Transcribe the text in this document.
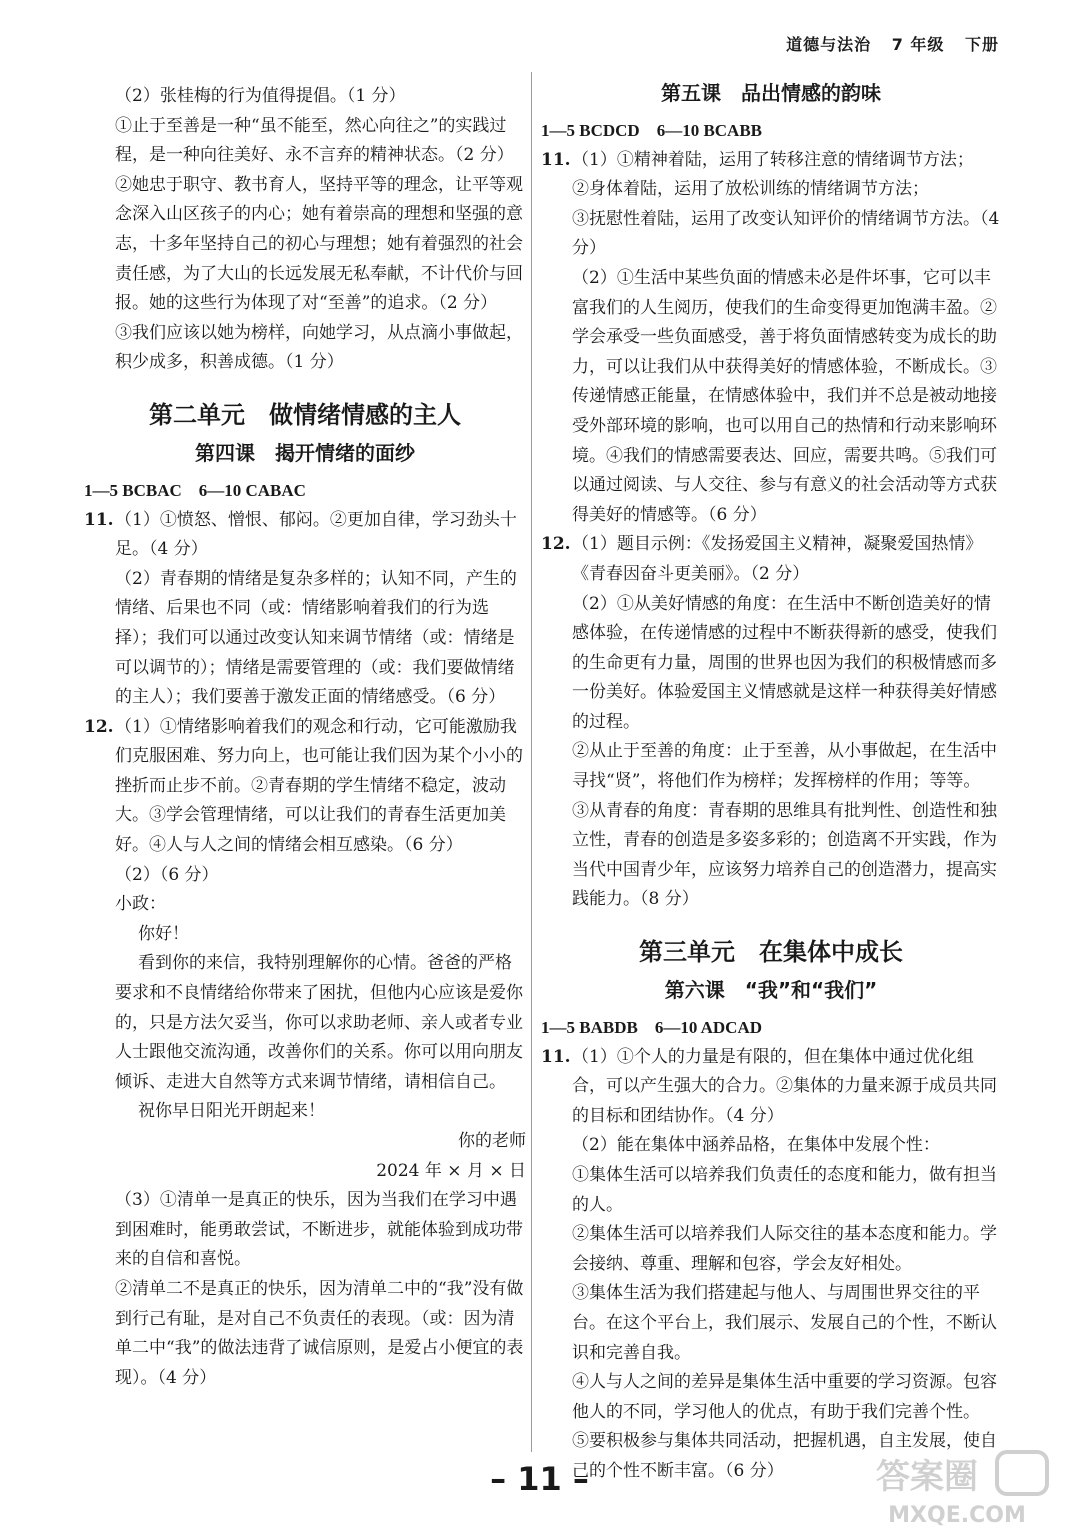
道德与法治 7 年级 下册

（2）张桂梅的行为值得提倡。（1 分）

①止于至善是一种“虽不能至，然心向往之”的实践过程，是一种向往美好、永不言弃的精神状态。（2 分）

②她忠于职守、教书育人，坚持平等的理念，让平等观念深入山区孩子的内心；她有着崇高的理想和坚强的意志，十多年坚持自己的初心与理想；她有着强烈的社会责任感，为了大山的长远发展无私奉献，不计代价与回报。她的这些行为体现了对“至善”的追求。（2 分）

③我们应该以她为榜样，向她学习，从点滴小事做起，积少成多，积善成德。（1 分）

第二单元　做情绪情感的主人
第四课　揭开情绪的面纱

1—5 BCBAC　6—10 CABAC

11. （1）①愤怒、憎恨、郁闷。②更加自律，学习劲头十足。（4 分）

（2）青春期的情绪是复杂多样的；认知不同，产生的情绪、后果也不同（或：情绪影响着我们的行为选择）；我们可以通过改变认知来调节情绪（或：情绪是可以调节的）；情绪是需要管理的（或：我们要做情绪的主人）；我们要善于激发正面的情绪感受。（6 分）

12. （1）①情绪影响着我们的观念和行动，它可能激励我们克服困难、努力向上，也可能让我们因为某个小小的挫折而止步不前。②青春期的学生情绪不稳定，波动大。③学会管理情绪，可以让我们的青春生活更加美好。④人与人之间的情绪会相互感染。（6 分）

（2）（6 分）

小政：

你好！

看到你的来信，我特别理解你的心情。爸爸的严格要求和不良情绪给你带来了困扰，但他内心应该是爱你的，只是方法欠妥当，你可以求助老师、亲人或者专业人士跟他交流沟通，改善你们的关系。你可以用向朋友倾诉、走进大自然等方式来调节情绪，请相信自己。

祝你早日阳光开朗起来！

你的老师

2024 年 × 月 × 日

（3）①清单一是真正的快乐，因为当我们在学习中遇到困难时，能勇敢尝试，不断进步，就能体验到成功带来的自信和喜悦。

②清单二不是真正的快乐，因为清单二中的“我”没有做到行己有耻，是对自己不负责任的表现。（或：因为清单二中“我”的做法违背了诚信原则，是爱占小便宜的表现）。（4 分）

第五课　品出情感的韵味

1—5 BCDCD　6—10 BCABB

11. （1）①精神着陆，运用了转移注意的情绪调节方法；

②身体着陆，运用了放松训练的情绪调节方法；

③抚慰性着陆，运用了改变认知评价的情绪调节方法。（4 分）

（2）①生活中某些负面的情感未必是件坏事，它可以丰富我们的人生阅历，使我们的生命变得更加饱满丰盈。②学会承受一些负面感受，善于将负面情感转变为成长的助力，可以让我们从中获得美好的情感体验，不断成长。③传递情感正能量，在情感体验中，我们并不总是被动地接受外部环境的影响，也可以用自己的热情和行动来影响环境。④我们的情感需要表达、回应，需要共鸣。⑤我们可以通过阅读、与人交往、参与有意义的社会活动等方式获得美好的情感等。（6 分）

12. （1）题目示例：《发扬爱国主义精神，凝聚爱国热情》《青春因奋斗更美丽》。（2 分）

（2）①从美好情感的角度：在生活中不断创造美好的情感体验，在传递情感的过程中不断获得新的感受，使我们的生命更有力量，周围的世界也因为我们的积极情感而多一份美好。体验爱国主义情感就是这样一种获得美好情感的过程。

②从止于至善的角度：止于至善，从小事做起，在生活中寻找“贤”，将他们作为榜样；发挥榜样的作用；等等。

③从青春的角度：青春期的思维具有批判性、创造性和独立性，青春的创造是多姿多彩的；创造离不开实践，作为当代中国青少年，应该努力培养自己的创造潜力，提高实践能力。（8 分）

第三单元　在集体中成长
第六课　“我”和“我们”

1—5 BABDB　6—10 ADCAD

11. （1）①个人的力量是有限的，但在集体中通过优化组合，可以产生强大的合力。②集体的力量来源于成员共同的目标和团结协作。（4 分）

（2）能在集体中涵养品格，在集体中发展个性：

①集体生活可以培养我们负责任的态度和能力，做有担当的人。

②集体生活可以培养我们人际交往的基本态度和能力。学会接纳、尊重、理解和包容，学会友好相处。

③集体生活为我们搭建起与他人、与周围世界交往的平台。在这个平台上，我们展示、发展自己的个性，不断认识和完善自我。

④人与人之间的差异是集体生活中重要的学习资源。包容他人的不同，学习他人的优点，有助于我们完善个性。

⑤要积极参与集体共同活动，把握机遇，自主发展，使自己的个性不断丰富。（6 分）

– 11 –	答案圈
MXQE.COM
